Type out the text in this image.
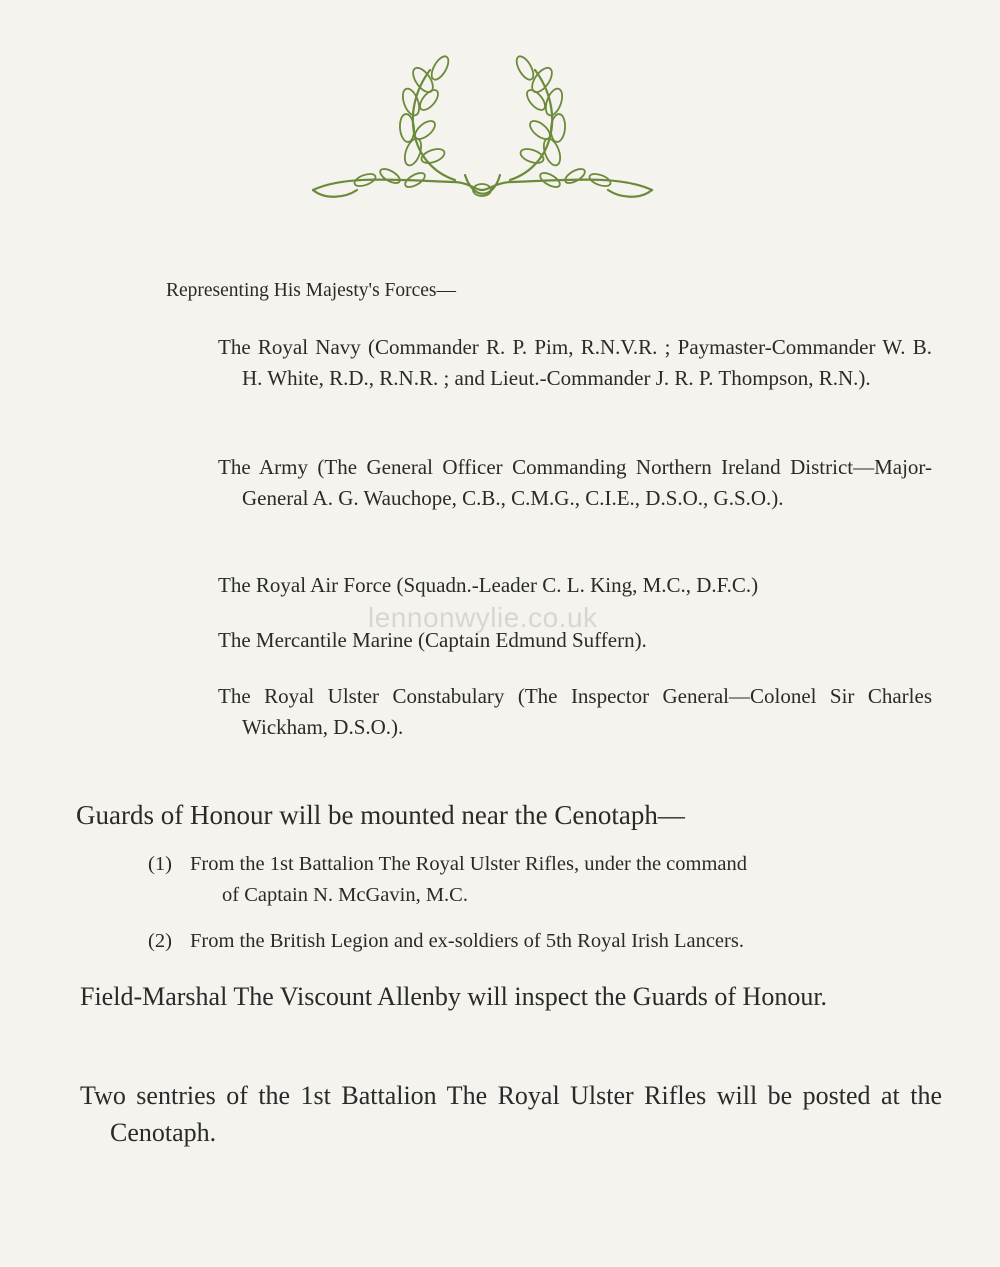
Representing His Majesty's Forces—
The Royal Navy (Commander R. P. Pim, R.N.V.R. ; Paymaster-Commander W. B. H. White, R.D., R.N.R. ; and Lieut.-Commander J. R. P. Thompson, R.N.).
The Army (The General Officer Commanding Northern Ireland District—Major-General A. G. Wauchope, C.B., C.M.G., C.I.E., D.S.O., G.S.O.).
The Royal Air Force (Squadn.-Leader C. L. King, M.C., D.F.C.)
The Mercantile Marine (Captain Edmund Suffern).
The Royal Ulster Constabulary (The Inspector General—Colonel Sir Charles Wickham, D.S.O.).
lennonwylie.co.uk
Guards of Honour will be mounted near the Cenotaph—
(1) From the 1st Battalion The Royal Ulster Rifles, under the command
of Captain N. McGavin, M.C.
(2) From the British Legion and ex-soldiers of 5th Royal Irish Lancers.
Field-Marshal The Viscount Allenby will inspect the Guards of Honour.
Two sentries of the 1st Battalion The Royal Ulster Rifles will be posted at the Cenotaph.
